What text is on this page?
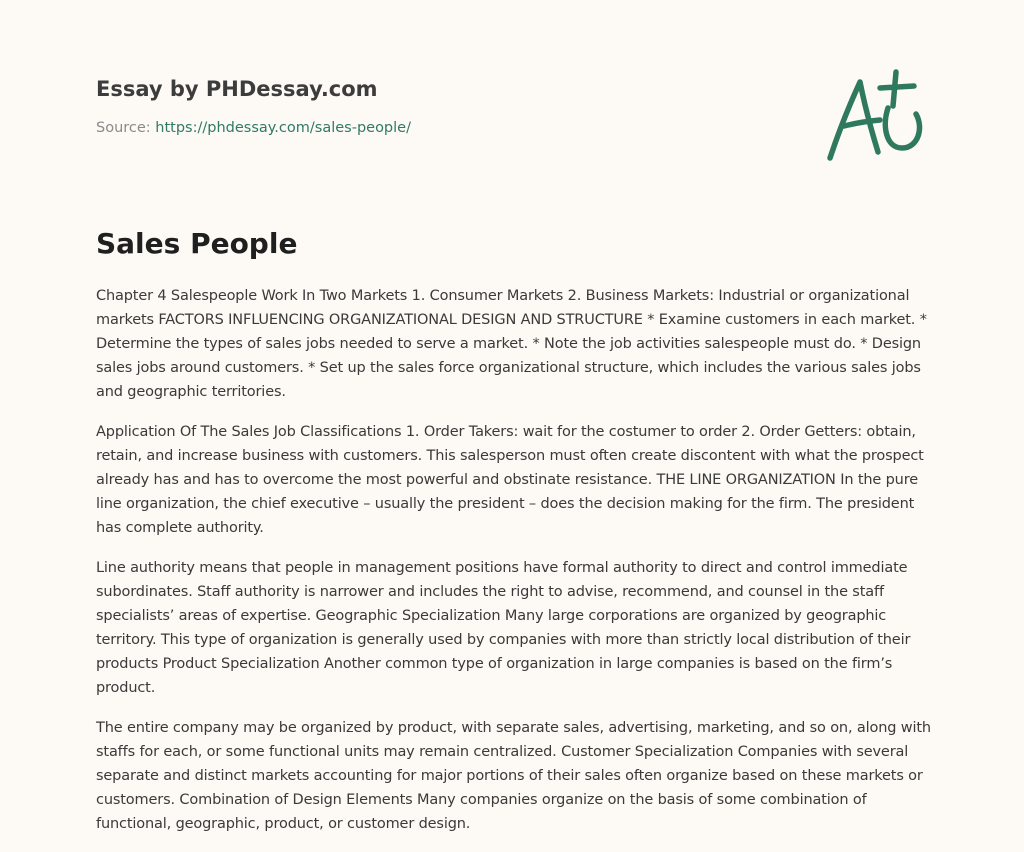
Essay by PHDessay.com
Source: https://phdessay.com/sales-people/
Sales People

Chapter 4 Salespeople Work In Two Markets 1. Consumer Markets 2. Business Markets: Industrial or organizational markets FACTORS INFLUENCING ORGANIZATIONAL DESIGN AND STRUCTURE * Examine customers in each market. * Determine the types of sales jobs needed to serve a market. * Note the job activities salespeople must do. * Design sales jobs around customers. * Set up the sales force organizational structure, which includes the various sales jobs and geographic territories.

Application Of The Sales Job Classifications 1. Order Takers: wait for the costumer to order 2. Order Getters: obtain, retain, and increase business with customers. This salesperson must often create discontent with what the prospect already has and has to overcome the most powerful and obstinate resistance. THE LINE ORGANIZATION In the pure line organization, the chief executive – usually the president – does the decision making for the firm. The president has complete authority.

Line authority means that people in management positions have formal authority to direct and control immediate subordinates. Staff authority is narrower and includes the right to advise, recommend, and counsel in the staff specialists’ areas of expertise. Geographic Specialization Many large corporations are organized by geographic territory. This type of organization is generally used by companies with more than strictly local distribution of their products Product Specialization Another common type of organization in large companies is based on the firm’s product.

The entire company may be organized by product, with separate sales, advertising, marketing, and so on, along with staffs for each, or some functional units may remain centralized. Customer Specialization Companies with several separate and distinct markets accounting for major portions of their sales often organize based on these markets or customers. Combination of Design Elements Many companies organize on the basis of some combination of functional, geographic, product, or customer design.
